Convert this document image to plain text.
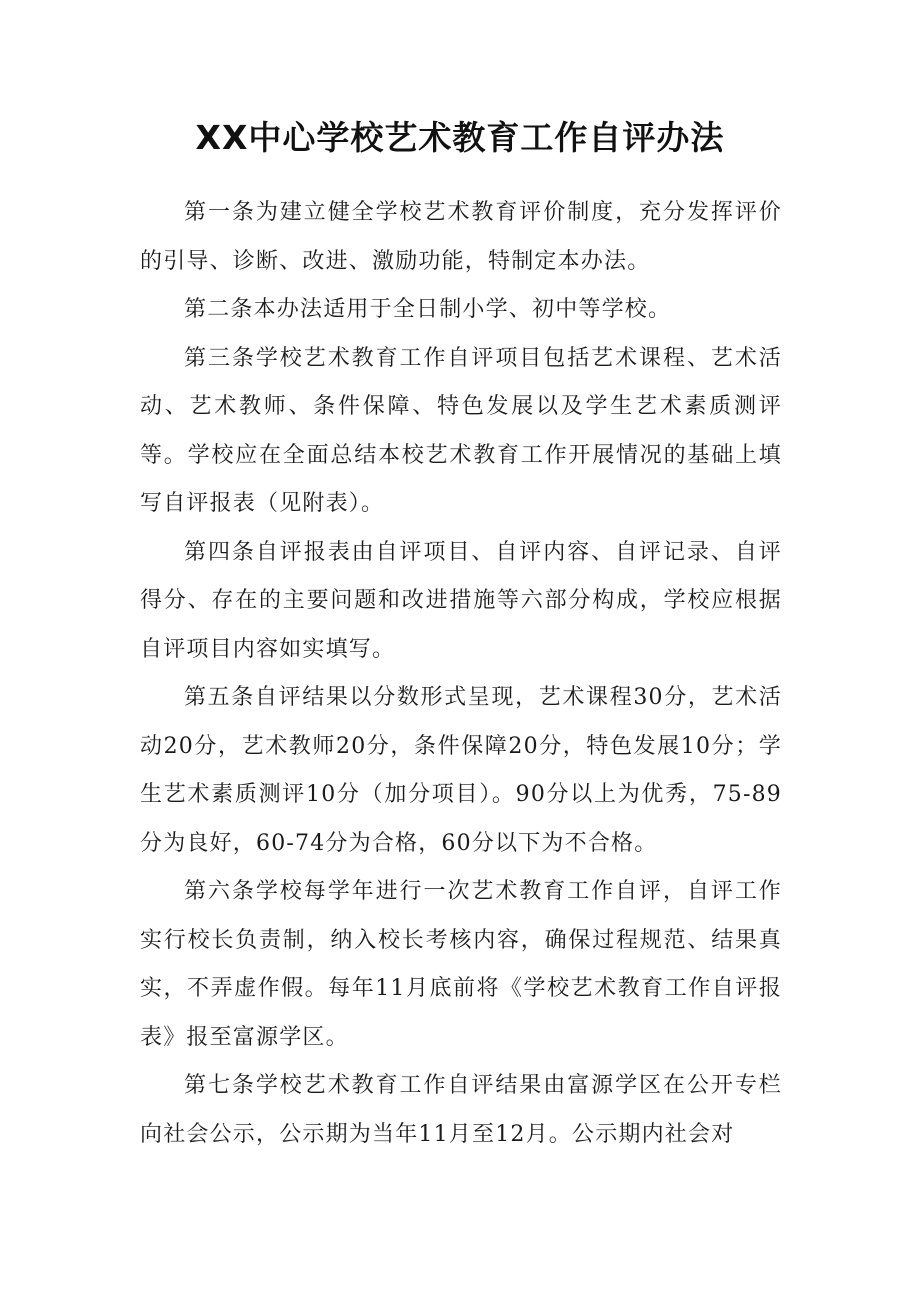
XX中心学校艺术教育工作自评办法

第一条为建立健全学校艺术教育评价制度，充分发挥评价的引导、诊断、改进、激励功能，特制定本办法。

第二条本办法适用于全日制小学、初中等学校。

第三条学校艺术教育工作自评项目包括艺术课程、艺术活动、艺术教师、条件保障、特色发展以及学生艺术素质测评等。学校应在全面总结本校艺术教育工作开展情况的基础上填写自评报表（见附表）。

第四条自评报表由自评项目、自评内容、自评记录、自评得分、存在的主要问题和改进措施等六部分构成，学校应根据自评项目内容如实填写。

第五条自评结果以分数形式呈现，艺术课程30分，艺术活动20分，艺术教师20分，条件保障20分，特色发展10分；学生艺术素质测评10分（加分项目）。90分以上为优秀，75-89分为良好，60-74分为合格，60分以下为不合格。

第六条学校每学年进行一次艺术教育工作自评，自评工作实行校长负责制，纳入校长考核内容，确保过程规范、结果真实，不弄虚作假。每年11月底前将《学校艺术教育工作自评报表》报至富源学区。

第七条学校艺术教育工作自评结果由富源学区在公开专栏向社会公示，公示期为当年11月至12月。公示期内社会对
